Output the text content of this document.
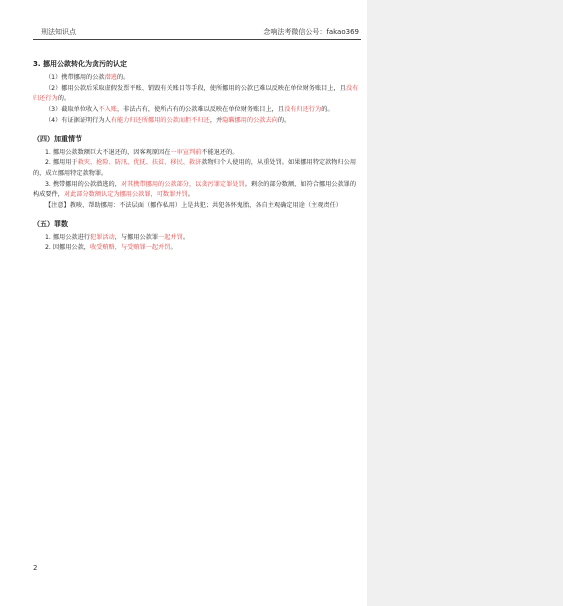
刑法知识点	念响法考微信公号：fakao369

3. 挪用公款转化为贪污的认定

（1）携带挪用的公款潜逃的。

（2）挪用公款后采取虚假发票平账、销毁有关账目等手段，使所挪用的公款已难以反映在单位财务账目上，且没有归还行为的。

（3）截取单位收入不入账，非法占有，使所占有的公款难以反映在单位财务账目上，且没有归还行为的。

（4）有证据证明行为人有能力归还所挪用的公款而拒不归还，并隐瞒挪用的公款去向的。

（四）加重情节

1. 挪用公款数额巨大不退还的，因客观原因在一审宣判前不能退还的。

2. 挪用用于救灾、抢险、防汛、优抚、扶贫、移民、救济款物归个人使用的，从重处罚。如果挪用特定款物归公用的，成立挪用特定款物罪。

3. 携带挪用的公款潜逃的，对其携带挪用的公款部分，以贪污罪定罪处罚。剩余的部分数额，如符合挪用公款罪的构成要件，对此部分数额认定为挪用公款罪，可数罪并罚。

【注意】教唆、帮助挪用：不法层面（挪作私用）上是共犯；共犯各怀鬼胎，各自主观确定用途（主观责任）

（五）罪数

1. 挪用公款进行犯罪活动，与挪用公款罪一起并罚。

2. 因挪用公款，收受贿赂，与受贿罪一起并罚。

2
